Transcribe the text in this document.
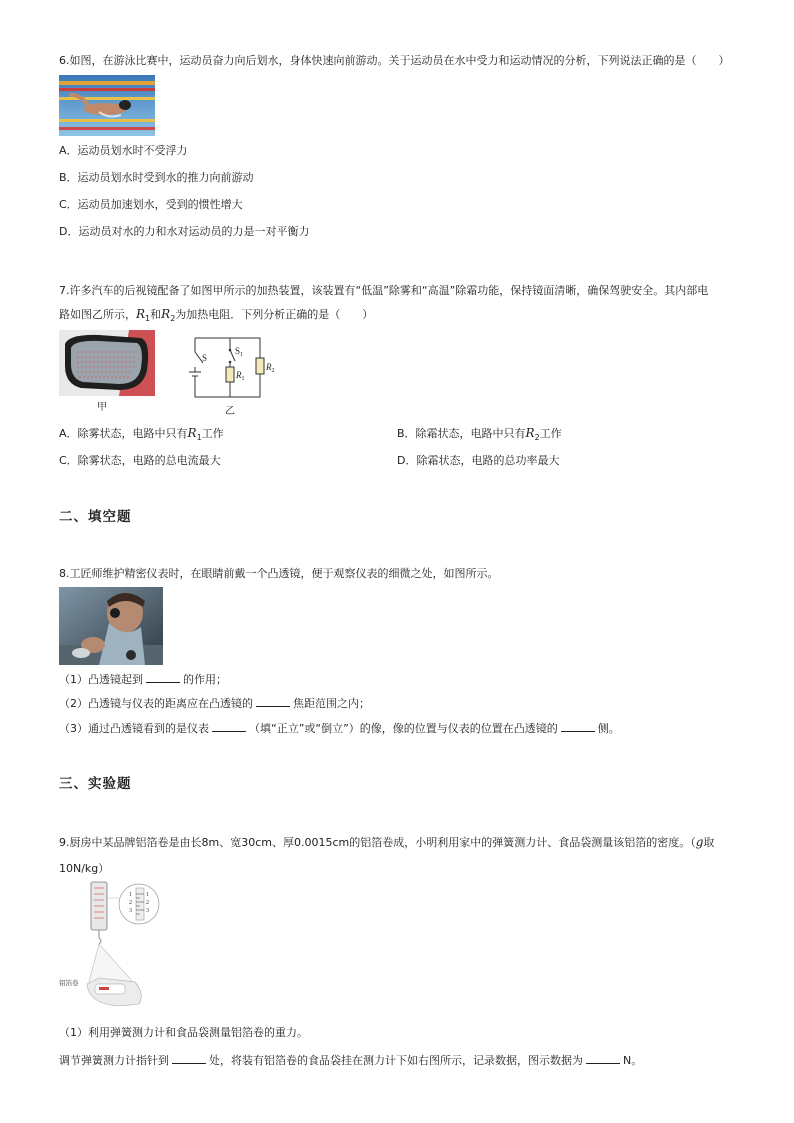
6.如图，在游泳比赛中，运动员奋力向后划水，身体快速向前游动。关于运动员在水中受力和运动情况的分析，下列说法正确的是（　　）
A．运动员划水时不受浮力
B．运动员划水时受到水的推力向前游动
C．运动员加速划水，受到的惯性增大
D．运动员对水的力和水对运动员的力是一对平衡力
7.许多汽车的后视镜配备了如图甲所示的加热装置，该装置有“低温”除雾和“高温”除霜功能，保持镜面清晰，确保驾驶安全。其内部电
路如图乙所示，$R_1$和$R_2$为加热电阻．下列分析正确的是（　　）
甲
S
$S_1$
$R_1$
$R_2$
乙
A．除雾状态，电路中只有$R_1$工作	B．除霜状态，电路中只有$R_2$工作
C．除雾状态，电路的总电流最大	D．除霜状态，电路的总功率最大
二、填空题
8.工匠师维护精密仪表时，在眼睛前戴一个凸透镜，便于观察仪表的细微之处，如图所示。
（1）凸透镜起到	的作用；
（2）凸透镜与仪表的距离应在凸透镜的	焦距范围之内；
（3）通过凸透镜看到的是仪表	（填“正立”或“倒立”）的像，像的位置与仪表的位置在凸透镜的	侧。
三、实验题
9.厨房中某品牌铝箔卷是由长8m、宽30cm、厚0.0015cm的铝箔卷成，小明利用家中的弹簧测力计、食品袋测量该铝箔的密度。（g取10N/kg）
1
2
3
1
2
3
铝箔卷
（1）利用弹簧测力计和食品袋测量铝箔卷的重力。
调节弹簧测力计指针到	处，将装有铝箔卷的食品袋挂在测力计下如右图所示，记录数据，图示数据为	N。
